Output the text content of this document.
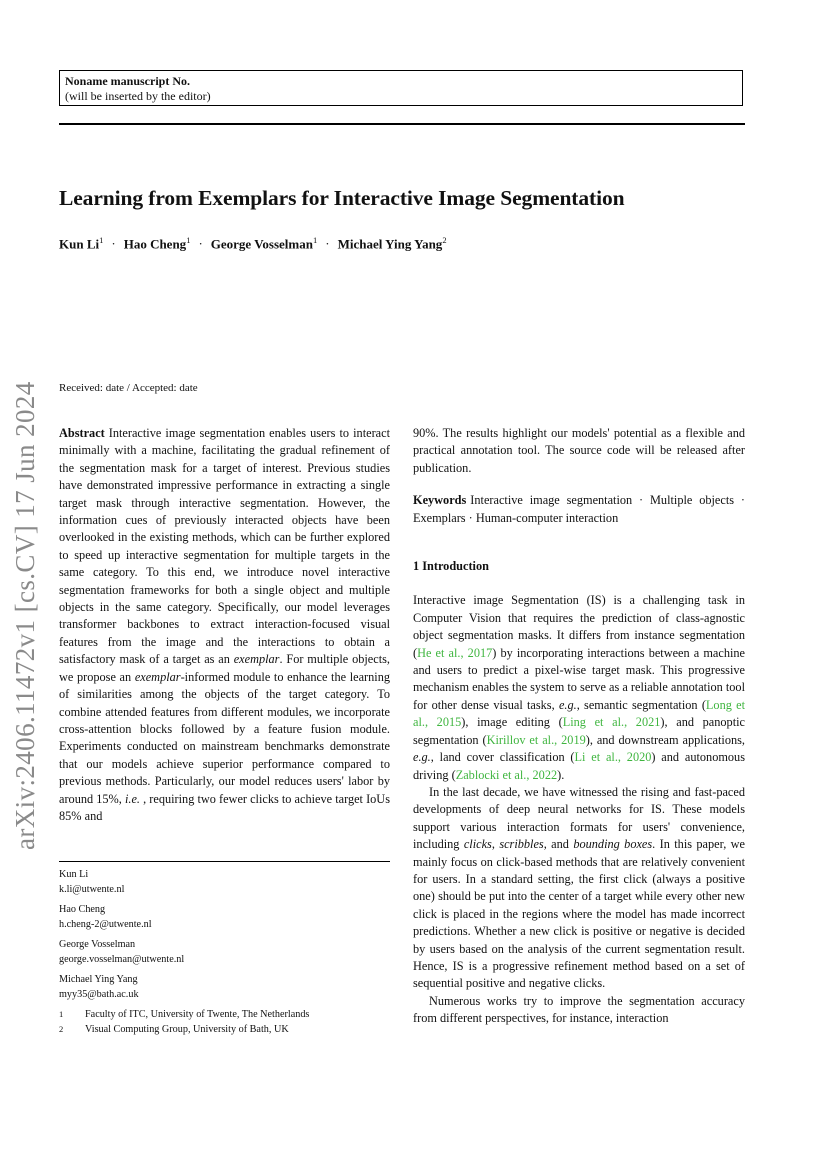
Noname manuscript No.
(will be inserted by the editor)
arXiv:2406.11472v1 [cs.CV] 17 Jun 2024
Learning from Exemplars for Interactive Image Segmentation
Kun $Li^1$ · Hao Cheng$^1$ · George Vosselman$^1$ · Michael Ying Yang$^2$
Received: date / Accepted: date

Abstract Interactive image segmentation enables users to interact minimally with a machine, facilitating the gradual refinement of the segmentation mask for a target of interest. Previous studies have demonstrated impressive performance in extracting a single target mask through interactive segmentation. However, the information cues of previously interacted objects have been overlooked in the existing methods, which can be further explored to speed up interactive segmentation for multiple targets in the same category. To this end, we introduce novel interactive segmentation frameworks for both a single object and multiple objects in the same category. Specifically, our model leverages transformer backbones to extract interaction-focused visual features from the image and the interactions to obtain a satisfactory mask of a target as an exemplar. For multiple objects, we propose an exemplar-informed module to enhance the learning of similarities among the objects of the target category. To combine attended features from different modules, we incorporate cross-attention blocks followed by a feature fusion module. Experiments conducted on mainstream benchmarks demonstrate that our models achieve superior performance compared to previous methods. Particularly, our model reduces users' labor by around 15%, i.e. , requiring two fewer clicks to achieve target IoUs 85% and

Kun Li
k.li@utwente.nl
Hao Cheng
h.cheng-2@utwente.nl
George Vosselman
george.vosselman@utwente.nl
Michael Ying Yang
myy35@bath.ac.uk
1	Faculty of ITC, University of Twente, The Netherlands
2	Visual Computing Group, University of Bath, UK

90%. The results highlight our models' potential as a flexible and practical annotation tool. The source code will be released after publication.

Keywords Interactive image segmentation · Multiple objects · Exemplars · Human-computer interaction

1 Introduction

Interactive image Segmentation (IS) is a challenging task in Computer Vision that requires the prediction of class-agnostic object segmentation masks. It differs from instance segmentation (He et al., 2017) by incorporating interactions between a machine and users to predict a pixel-wise target mask. This progressive mechanism enables the system to serve as a reliable annotation tool for other dense visual tasks, e.g., semantic segmentation (Long et al., 2015), image editing (Ling et al., 2021), and panoptic segmentation (Kirillov et al., 2019), and downstream applications, e.g., land cover classification (Li et al., 2020) and autonomous driving (Zablocki et al., 2022).

In the last decade, we have witnessed the rising and fast-paced developments of deep neural networks for IS. These models support various interaction formats for users' convenience, including clicks, scribbles, and bounding boxes. In this paper, we mainly focus on click-based methods that are relatively convenient for users. In a standard setting, the first click (always a positive one) should be put into the center of a target while every other new click is placed in the regions where the model has made incorrect predictions. Whether a new click is positive or negative is decided by users based on the analysis of the current segmentation result. Hence, IS is a progressive refinement method based on a set of sequential positive and negative clicks.

Numerous works try to improve the segmentation accuracy from different perspectives, for instance, interaction
